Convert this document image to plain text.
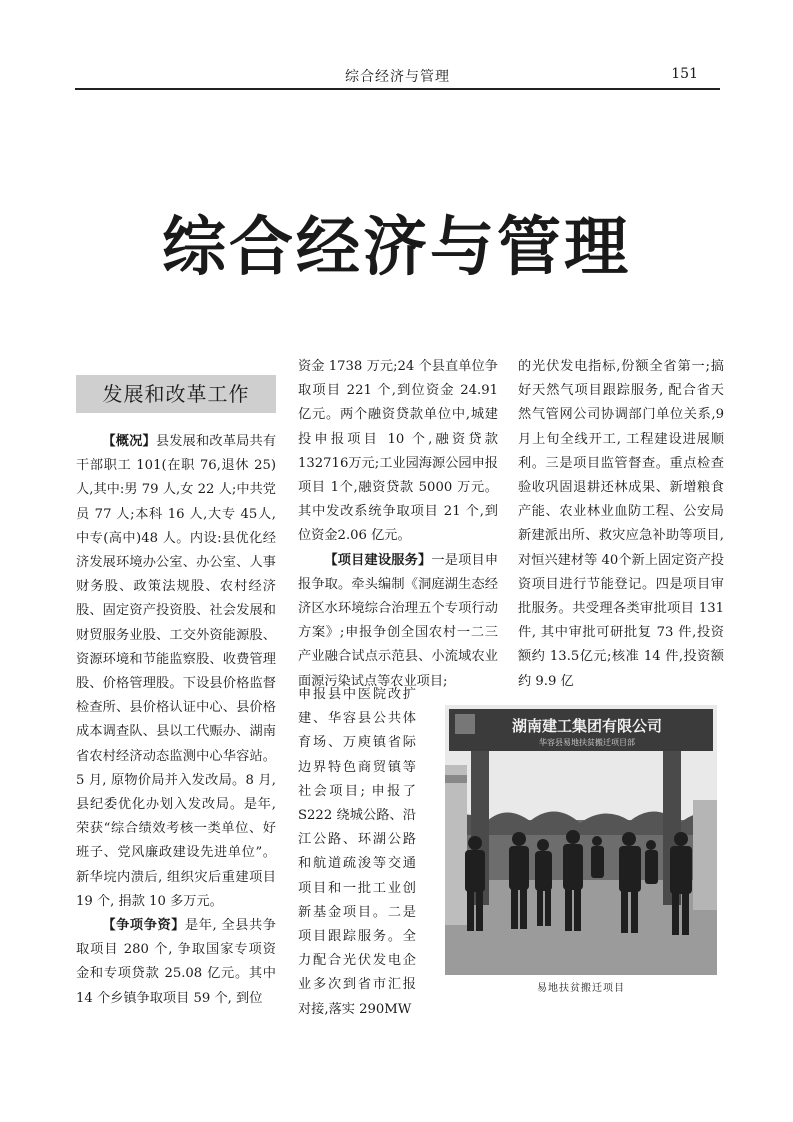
综合经济与管理	151
综合经济与管理
发展和改革工作

【概况】县发展和改革局共有干部职工 101(在职 76,退休 25)人,其中:男 79 人,女 22 人;中共党员 77 人;本科 16 人,大专 45人,中专(高中)48 人。内设:县优化经济发展环境办公室、办公室、人事财务股、政策法规股、农村经济股、固定资产投资股、社会发展和财贸服务业股、工交外资能源股、资源环境和节能监察股、收费管理股、价格管理股。下设县价格监督检查所、县价格认证中心、县价格成本调查队、县以工代赈办、湖南省农村经济动态监测中心华容站。5 月, 原物价局并入发改局。8 月,县纪委优化办划入发改局。是年,荣获“综合绩效考核一类单位、好班子、党风廉政建设先进单位”。 新华垸内溃后, 组织灾后重建项目 19 个, 捐款 10 多万元。

【争项争资】是年, 全县共争取项目 280 个, 争取国家专项资金和专项贷款 25.08 亿元。其中 14 个乡镇争取项目 59 个, 到位

资金 1738 万元;24 个县直单位争取项目 221 个,到位资金 24.91 亿元。两个融资贷款单位中,城建投申报项目 10 个,融资贷款 132716万元;工业园海源公园申报项目 1个,融资贷款 5000 万元。其中发改系统争取项目 21 个,到位资金2.06 亿元。

【项目建设服务】一是项目申报争取。牵头编制《洞庭湖生态经济区水环境综合治理五个专项行动方案》;申报争创全国农村一二三产业融合试点示范县、小流域农业面源污染试点等农业项目;

申报县中医院改扩建、华容县公共体育场、万庾镇省际边界特色商贸镇等社会项目; 申报了S222 绕城公路、沿江公路、环湖公路和航道疏浚等交通项目和一批工业创新基金项目。二是项目跟踪服务。全力配合光伏发电企业多次到省市汇报对接,落实 290MW

的光伏发电指标,份额全省第一;搞好天然气项目跟踪服务, 配合省天然气管网公司协调部门单位关系,9 月上旬全线开工, 工程建设进展顺利。三是项目监管督查。重点检查验收巩固退耕还林成果、新增粮食产能、农业林业血防工程、公安局新建派出所、救灾应急补助等项目, 对恒兴建材等 40个新上固定资产投资项目进行节能登记。四是项目审批服务。共受理各类审批项目 131 件, 其中审批可研批复 73 件,投资额约 13.5亿元;核准 14 件,投资额约 9.9 亿

湖南建工集团有限公司
华容县易地扶贫搬迁项目部
易地扶贫搬迁项目
